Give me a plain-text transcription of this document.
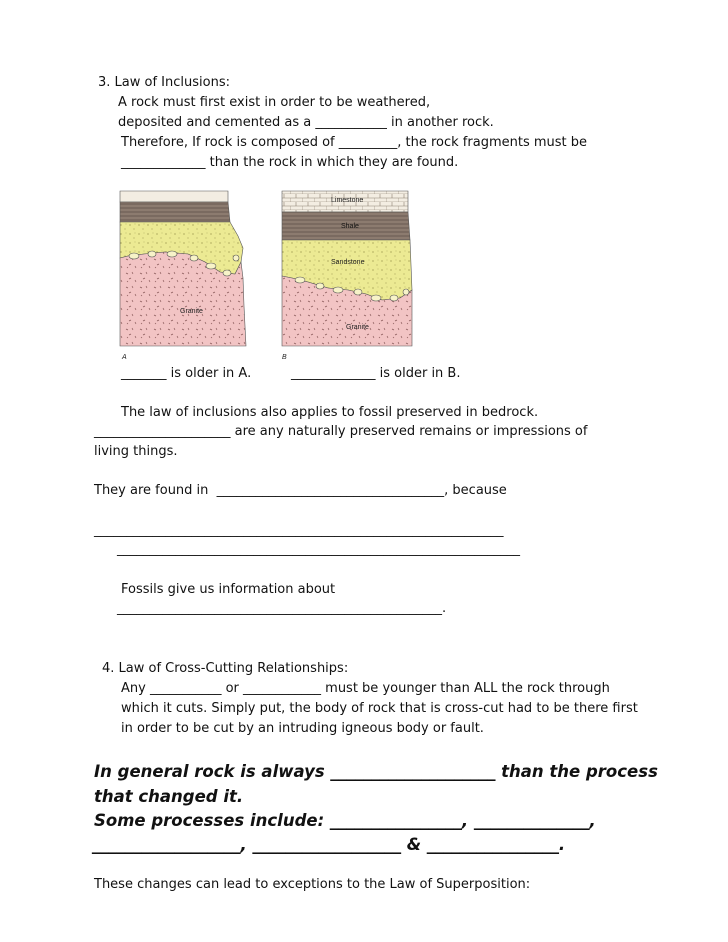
3. Law of Inclusions:
A rock must first exist in order to be weathered,
deposited and cemented as a ___________ in another rock.
Therefore, If rock is composed of _________, the rock fragments must be
_____________ than the rock in which they are found.
Granite
Limestone
Shale
Sandstone
Granite
A	B
_______ is older in A.	_____________ is older in B.
The law of inclusions also applies to fossil preserved in bedrock.
_____________________ are any naturally preserved remains or impressions of
living things.
They are found in  ___________________________________, because
_______________________________________________________________
______________________________________________________________
Fossils give us information about
__________________________________________________.
4. Law of Cross-Cutting Relationships:
Any ___________ or ____________ must be younger than ALL the rock through
which it cuts. Simply put, the body of rock that is cross-cut had to be there first
in order to be cut by an intruding igneous body or fault.
In general rock is always ____________________ than the process
that changed it.
Some processes include: ________________, ______________,
__________________, __________________ & ________________.
These changes can lead to exceptions to the Law of Superposition:
